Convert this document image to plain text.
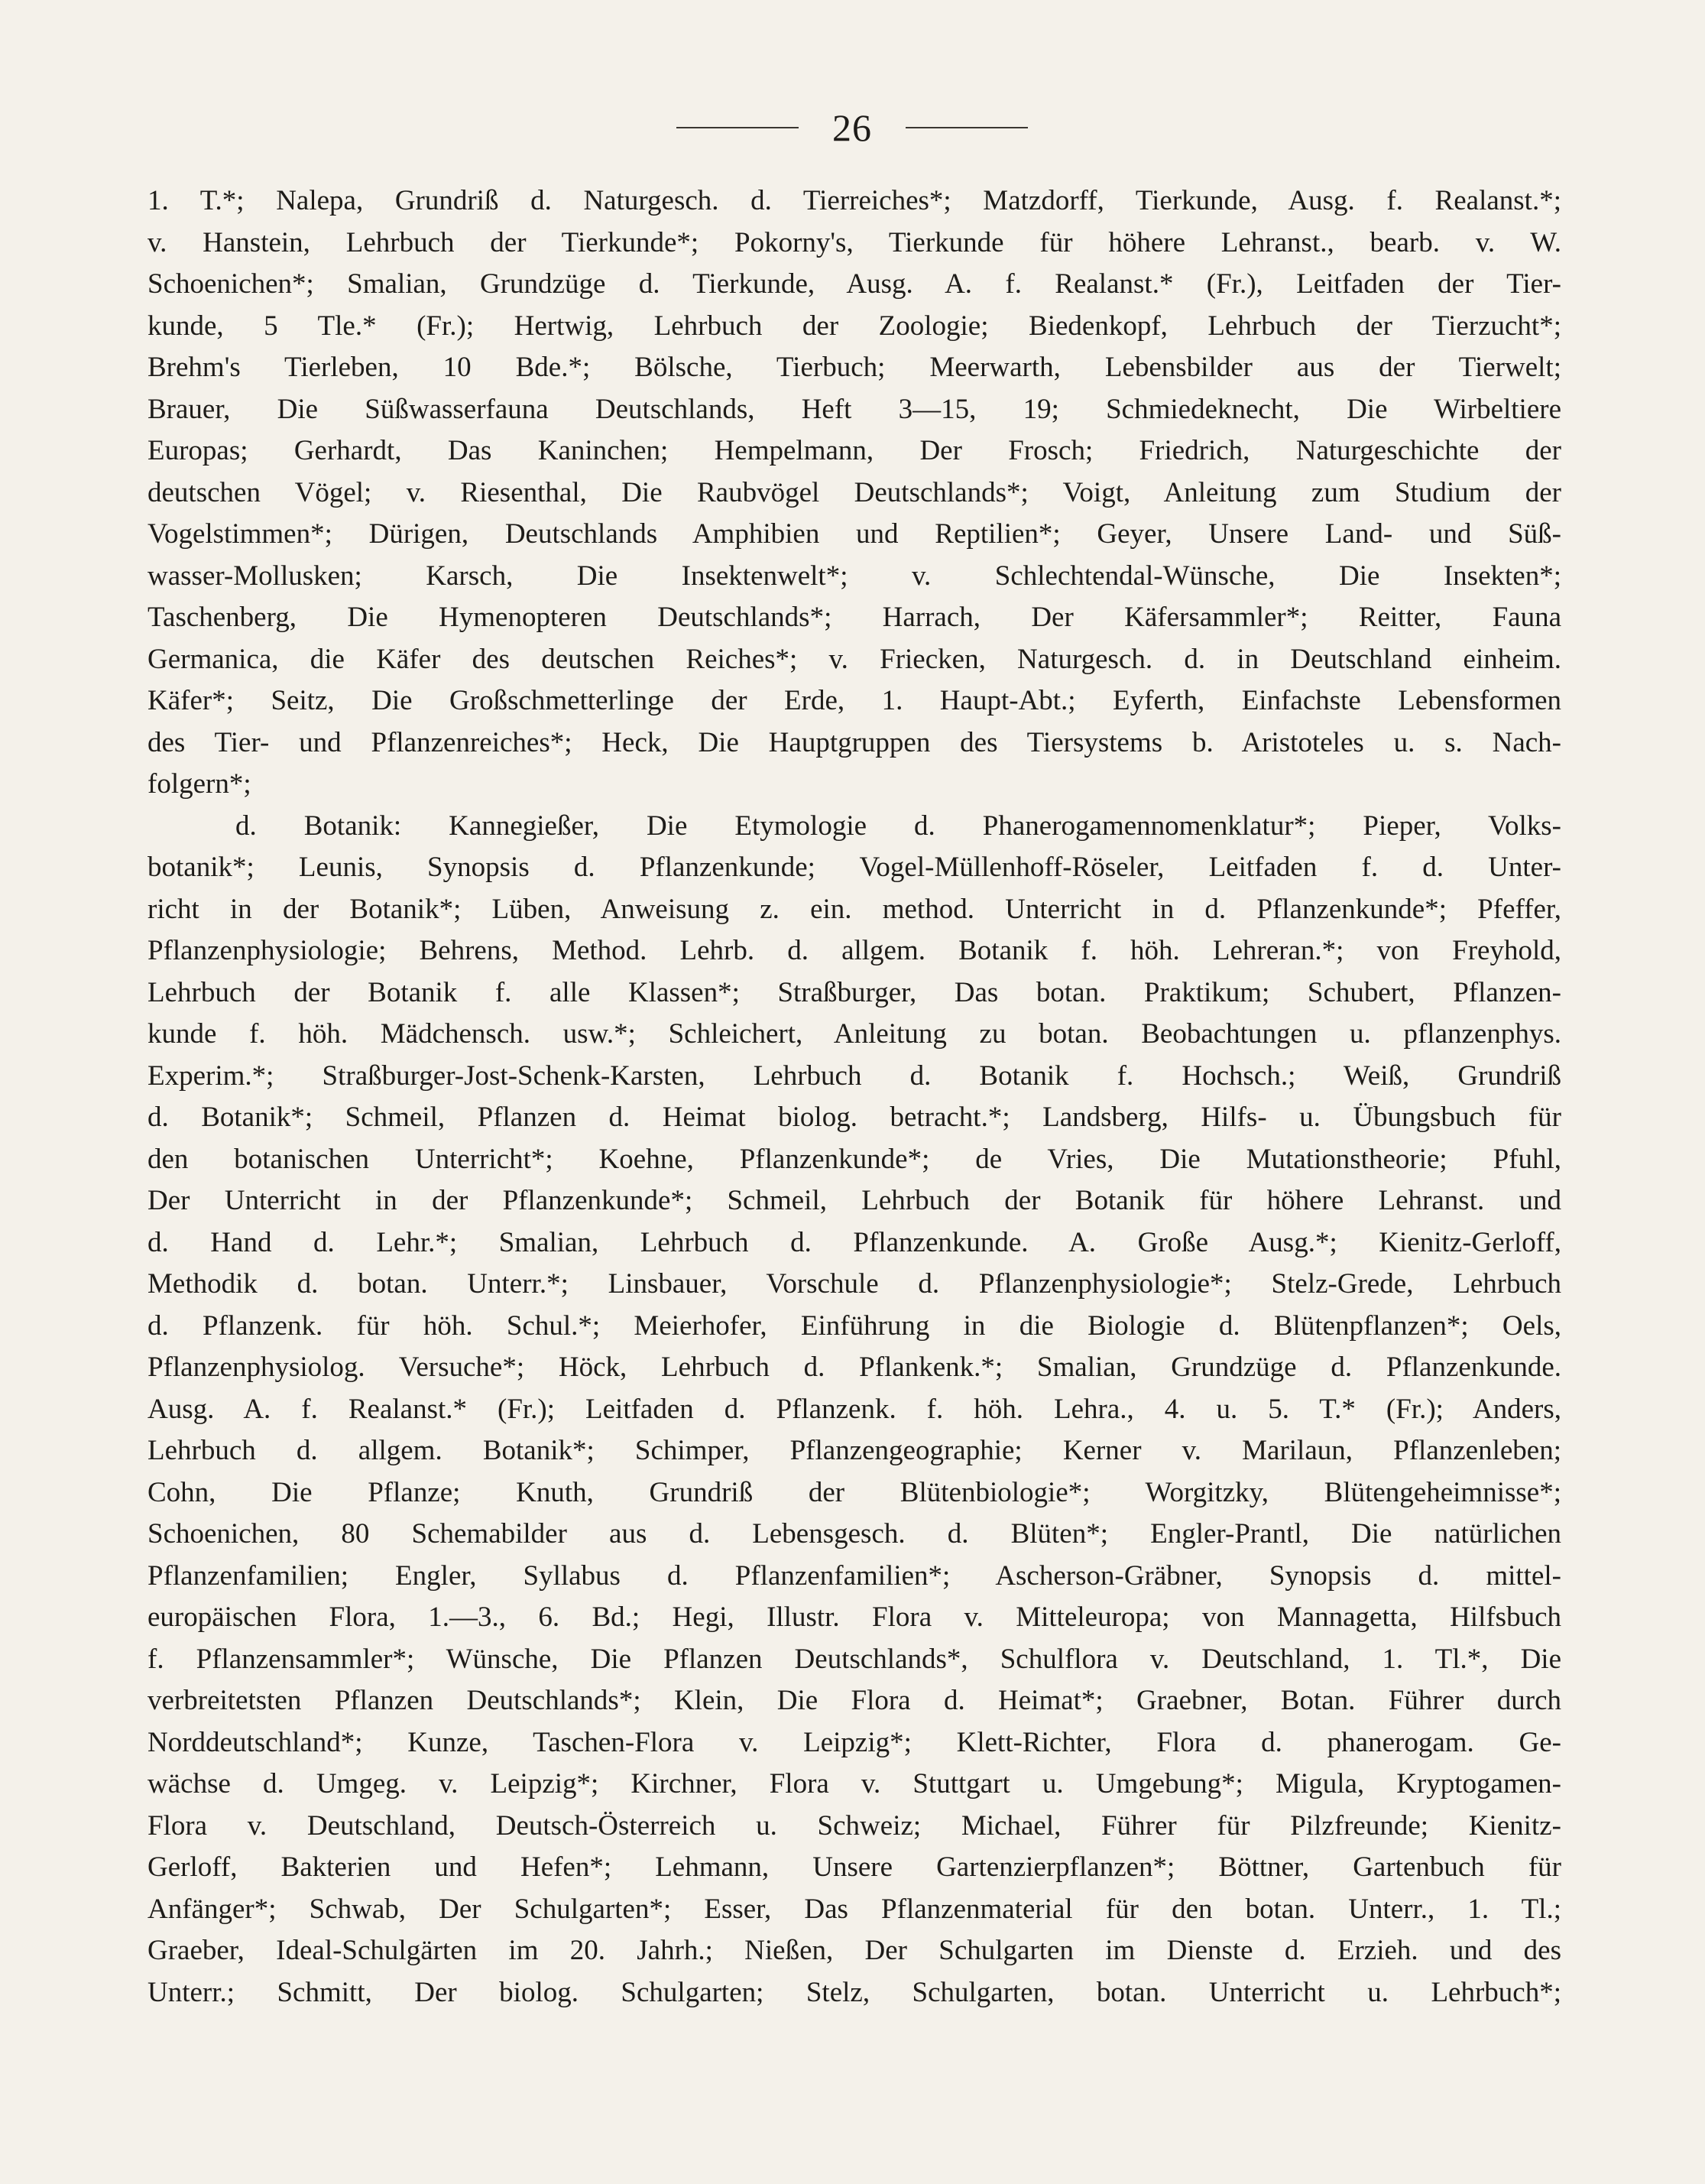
26
1. T.*; Nalepa, Grundriß d. Naturgesch. d. Tierreiches*; Matzdorff, Tierkunde, Ausg. f. Realanst.*;
v. Hanstein, Lehrbuch der Tierkunde*; Pokorny's, Tierkunde für höhere Lehranst., bearb. v. W.
Schoenichen*; Smalian, Grundzüge d. Tierkunde, Ausg. A. f. Realanst.* (Fr.), Leitfaden der Tier-
kunde, 5 Tle.* (Fr.); Hertwig, Lehrbuch der Zoologie; Biedenkopf, Lehrbuch der Tierzucht*;
Brehm's Tierleben, 10 Bde.*; Bölsche, Tierbuch; Meerwarth, Lebensbilder aus der Tierwelt;
Brauer, Die Süßwasserfauna Deutschlands, Heft 3—15, 19; Schmiedeknecht, Die Wirbeltiere
Europas; Gerhardt, Das Kaninchen; Hempelmann, Der Frosch; Friedrich, Naturgeschichte der
deutschen Vögel; v. Riesenthal, Die Raubvögel Deutschlands*; Voigt, Anleitung zum Studium der
Vogelstimmen*; Dürigen, Deutschlands Amphibien und Reptilien*; Geyer, Unsere Land- und Süß-
wasser-Mollusken; Karsch, Die Insektenwelt*; v. Schlechtendal-Wünsche, Die Insekten*;
Taschenberg, Die Hymenopteren Deutschlands*; Harrach, Der Käfersammler*; Reitter, Fauna
Germanica, die Käfer des deutschen Reiches*; v. Friecken, Naturgesch. d. in Deutschland einheim.
Käfer*; Seitz, Die Großschmetterlinge der Erde, 1. Haupt-Abt.; Eyferth, Einfachste Lebensformen
des Tier- und Pflanzenreiches*; Heck, Die Hauptgruppen des Tiersystems b. Aristoteles u. s. Nach-
folgern*;
d. Botanik: Kannegießer, Die Etymologie d. Phanerogamennomenklatur*; Pieper, Volks-
botanik*; Leunis, Synopsis d. Pflanzenkunde; Vogel-Müllenhoff-Röseler, Leitfaden f. d. Unter-
richt in der Botanik*; Lüben, Anweisung z. ein. method. Unterricht in d. Pflanzenkunde*; Pfeffer,
Pflanzenphysiologie; Behrens, Method. Lehrb. d. allgem. Botanik f. höh. Lehreran.*; von Freyhold,
Lehrbuch der Botanik f. alle Klassen*; Straßburger, Das botan. Praktikum; Schubert, Pflanzen-
kunde f. höh. Mädchensch. usw.*; Schleichert, Anleitung zu botan. Beobachtungen u. pflanzenphys.
Experim.*; Straßburger-Jost-Schenk-Karsten, Lehrbuch d. Botanik f. Hochsch.; Weiß, Grundriß
d. Botanik*; Schmeil, Pflanzen d. Heimat biolog. betracht.*; Landsberg, Hilfs- u. Übungsbuch für
den botanischen Unterricht*; Koehne, Pflanzenkunde*; de Vries, Die Mutationstheorie; Pfuhl,
Der Unterricht in der Pflanzenkunde*; Schmeil, Lehrbuch der Botanik für höhere Lehranst. und
d. Hand d. Lehr.*; Smalian, Lehrbuch d. Pflanzenkunde. A. Große Ausg.*; Kienitz-Gerloff,
Methodik d. botan. Unterr.*; Linsbauer, Vorschule d. Pflanzenphysiologie*; Stelz-Grede, Lehrbuch
d. Pflanzenk. für höh. Schul.*; Meierhofer, Einführung in die Biologie d. Blütenpflanzen*; Oels,
Pflanzenphysiolog. Versuche*; Höck, Lehrbuch d. Pflankenk.*; Smalian, Grundzüge d. Pflanzenkunde.
Ausg. A. f. Realanst.* (Fr.); Leitfaden d. Pflanzenk. f. höh. Lehra., 4. u. 5. T.* (Fr.); Anders,
Lehrbuch d. allgem. Botanik*; Schimper, Pflanzengeographie; Kerner v. Marilaun, Pflanzenleben;
Cohn, Die Pflanze; Knuth, Grundriß der Blütenbiologie*; Worgitzky, Blütengeheimnisse*;
Schoenichen, 80 Schemabilder aus d. Lebensgesch. d. Blüten*; Engler-Prantl, Die natürlichen
Pflanzenfamilien; Engler, Syllabus d. Pflanzenfamilien*; Ascherson-Gräbner, Synopsis d. mittel-
europäischen Flora, 1.—3., 6. Bd.; Hegi, Illustr. Flora v. Mitteleuropa; von Mannagetta, Hilfsbuch
f. Pflanzensammler*; Wünsche, Die Pflanzen Deutschlands*, Schulflora v. Deutschland, 1. Tl.*, Die
verbreitetsten Pflanzen Deutschlands*; Klein, Die Flora d. Heimat*; Graebner, Botan. Führer durch
Norddeutschland*; Kunze, Taschen-Flora v. Leipzig*; Klett-Richter, Flora d. phanerogam. Ge-
wächse d. Umgeg. v. Leipzig*; Kirchner, Flora v. Stuttgart u. Umgebung*; Migula, Kryptogamen-
Flora v. Deutschland, Deutsch-Österreich u. Schweiz; Michael, Führer für Pilzfreunde; Kienitz-
Gerloff, Bakterien und Hefen*; Lehmann, Unsere Gartenzierpflanzen*; Böttner, Gartenbuch für
Anfänger*; Schwab, Der Schulgarten*; Esser, Das Pflanzenmaterial für den botan. Unterr., 1. Tl.;
Graeber, Ideal-Schulgärten im 20. Jahrh.; Nießen, Der Schulgarten im Dienste d. Erzieh. und des
Unterr.; Schmitt, Der biolog. Schulgarten; Stelz, Schulgarten, botan. Unterricht u. Lehrbuch*;
